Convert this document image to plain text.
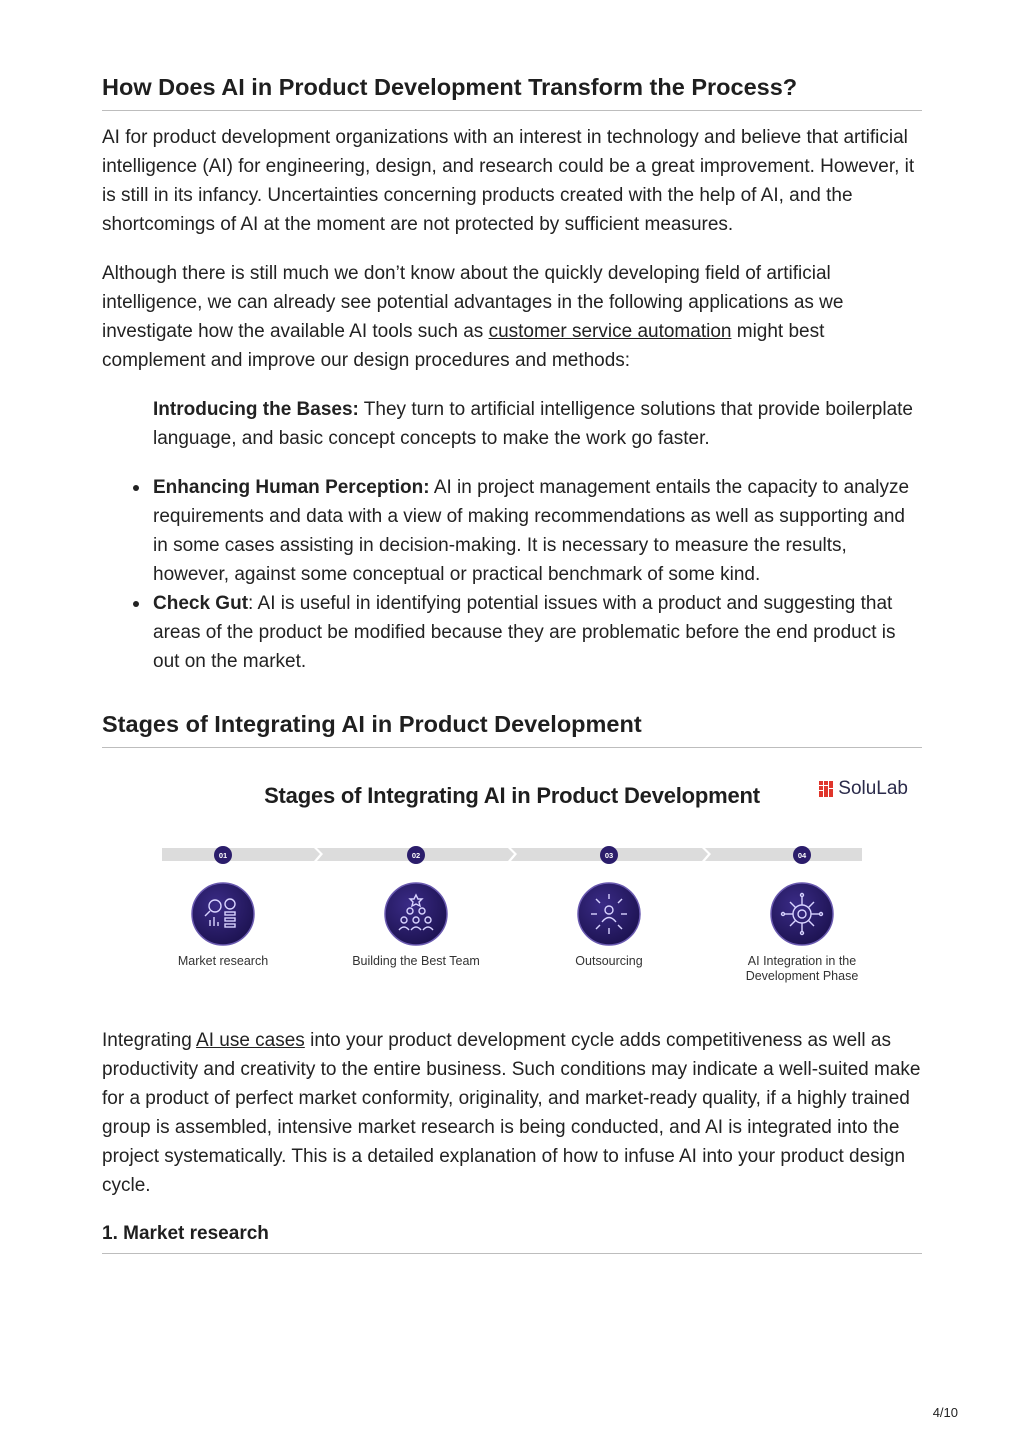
How Does AI in Product Development Transform the Process?

AI for product development organizations with an interest in technology and believe that artificial intelligence (AI) for engineering, design, and research could be a great improvement. However, it is still in its infancy. Uncertainties concerning products created with the help of AI, and the shortcomings of AI at the moment are not protected by sufficient measures.

Although there is still much we don’t know about the quickly developing field of artificial intelligence, we can already see potential advantages in the following applications as we investigate how the available AI tools such as customer service automation might best complement and improve our design procedures and methods:

Introducing the Bases: They turn to artificial intelligence solutions that provide boilerplate language, and basic concept concepts to make the work go faster.
Enhancing Human Perception: AI in project management entails the capacity to analyze requirements and data with a view of making recommendations as well as supporting and in some cases assisting in decision-making. It is necessary to measure the results, however, against some conceptual or practical benchmark of some kind.
Check Gut: AI is useful in identifying potential issues with a product and suggesting that areas of the product be modified because they are problematic before the end product is out on the market.
Stages of Integrating AI in Product Development
Stages of Integrating AI in Product Development	SoluLab
01	02	03	04
Market research	Building the Best Team	Outsourcing	AI Integration in the Development Phase

Integrating AI use cases into your product development cycle adds competitiveness as well as productivity and creativity to the entire business. Such conditions may indicate a well-suited make for a product of perfect market conformity, originality, and market-ready quality, if a highly trained group is assembled, intensive market research is being conducted, and AI is integrated into the project systematically. This is a detailed explanation of how to infuse AI into your product design cycle.

1. Market research
4/10
